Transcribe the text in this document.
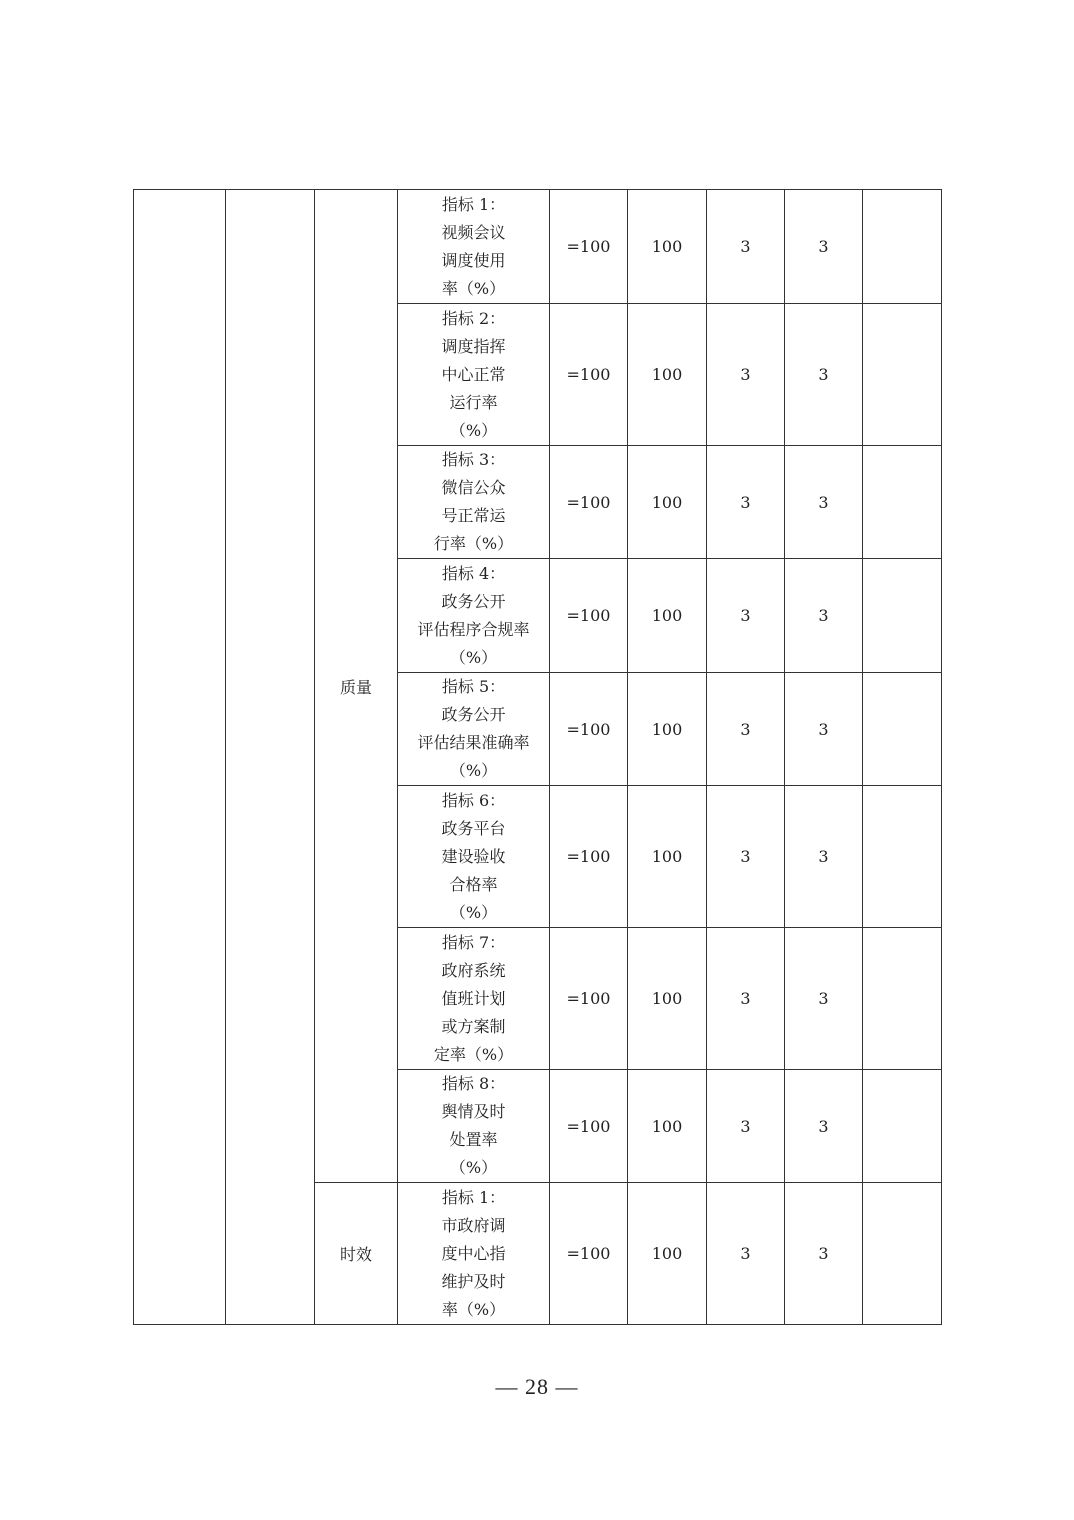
		质量	指标 1：
视频会议
调度使用
率（%）	=100	100	3	3	

			指标 2：
调度指挥
中心正常
运行率
（%）	=100	100	3	3	

			指标 3：
微信公众
号正常运
行率（%）	=100	100	3	3	

			指标 4：
政务公开
评估程序合规率
（%）	=100	100	3	3	

			指标 5：
政务公开
评估结果准确率
（%）	=100	100	3	3	

			指标 6：
政务平台
建设验收
合格率
（%）	=100	100	3	3	

			指标 7：
政府系统
值班计划
或方案制
定率（%）	=100	100	3	3	

			指标 8：
舆情及时
处置率
（%）	=100	100	3	3	
		时效	指标 1：
市政府调
度中心指
维护及时
率（%）	=100	100	3	3	
— 28 —
